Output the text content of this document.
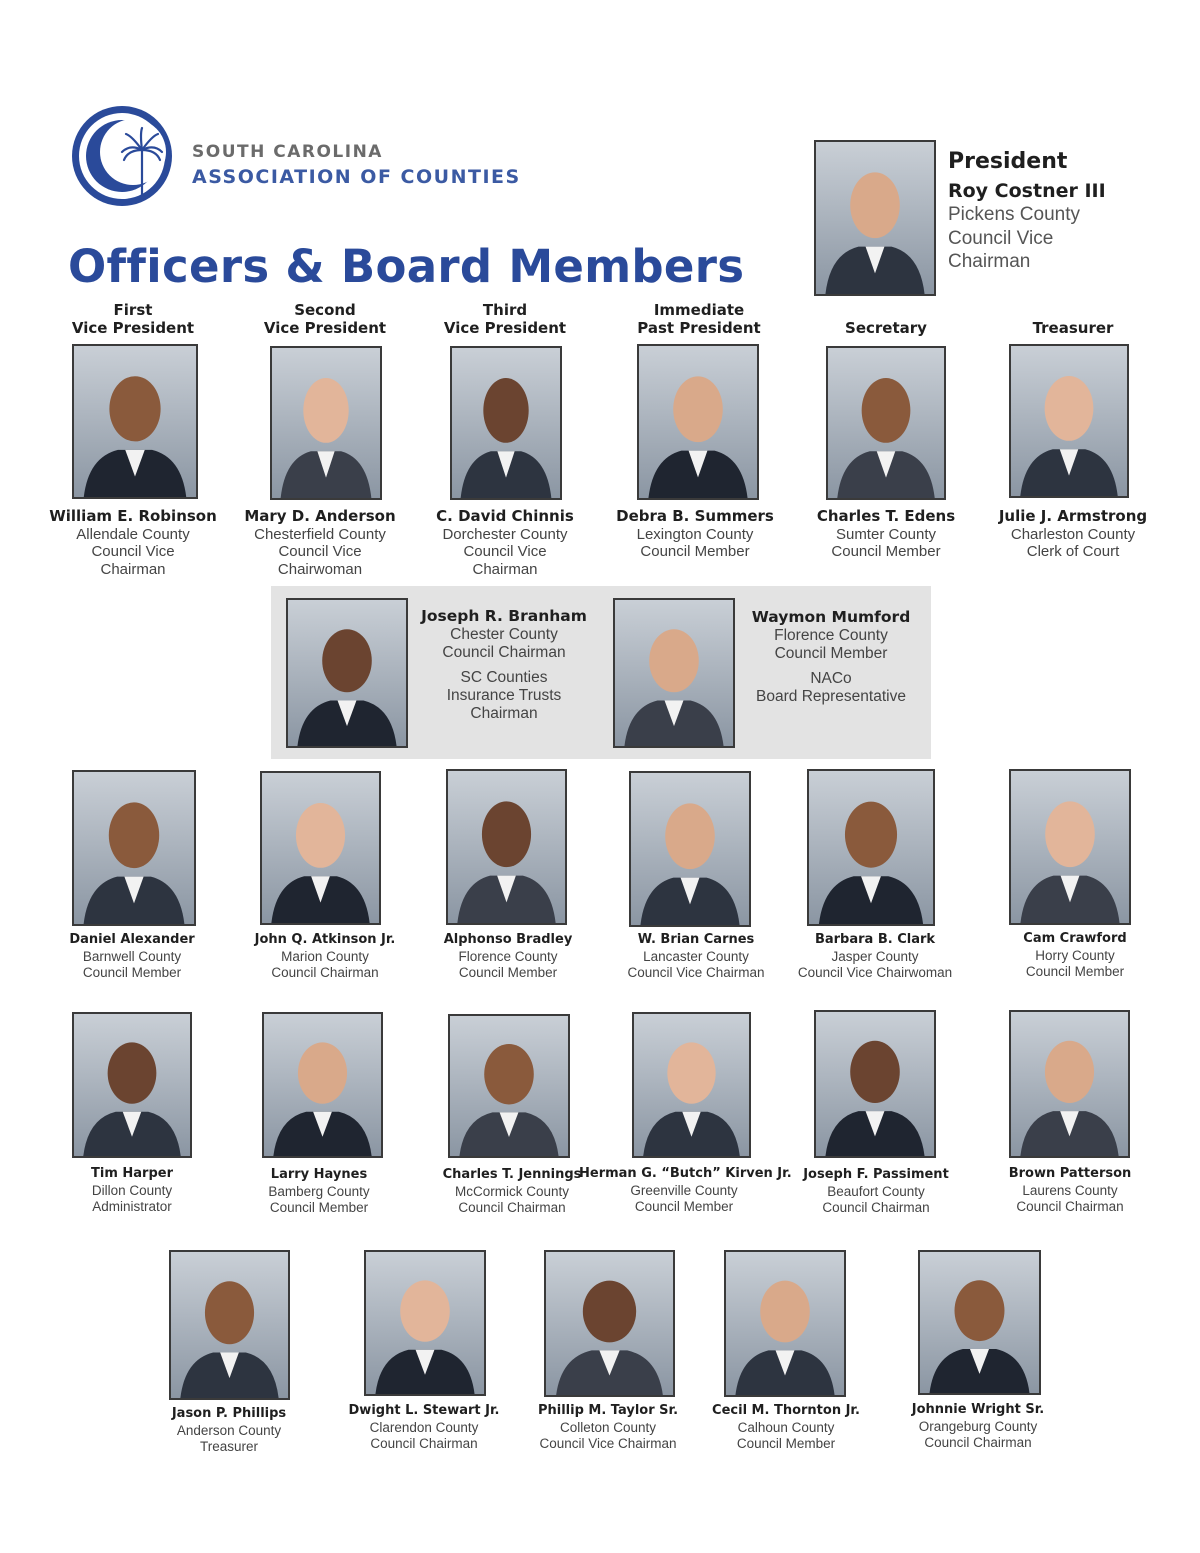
SOUTH CAROLINA
ASSOCIATION OF COUNTIES
Officers & Board Members
President
Roy Costner III
Pickens County
Council Vice
Chairman
First
Vice President
William E. Robinson
Allendale County
Council Vice
Chairman
Second
Vice President
Mary D. Anderson
Chesterfield County
Council Vice
Chairwoman
Third
Vice President
C. David Chinnis
Dorchester County
Council Vice
Chairman
Immediate
Past President
Debra B. Summers
Lexington County
Council Member

Secretary
Charles T. Edens
Sumter County
Council Member

Treasurer
Julie J. Armstrong
Charleston County
Clerk of Court
Joseph R. Branham
Chester County
Council Chairman
SC Counties
Insurance Trusts
Chairman
Waymon Mumford
Florence County
Council Member
NACo
Board Representative
Daniel Alexander
Barnwell County
Council Member
John Q. Atkinson Jr.
Marion County
Council Chairman
Alphonso Bradley
Florence County
Council Member
W. Brian Carnes
Lancaster County
Council Vice Chairman
Barbara B. Clark
Jasper County
Council Vice Chairwoman
Cam Crawford
Horry County
Council Member
Tim Harper
Dillon County
Administrator
Larry Haynes
Bamberg County
Council Member
Charles T. Jennings
McCormick County
Council Chairman
Herman G. “Butch” Kirven Jr.
Greenville County
Council Member
Joseph F. Passiment
Beaufort County
Council Chairman
Brown Patterson
Laurens County
Council Chairman
Jason P. Phillips
Anderson County
Treasurer
Dwight L. Stewart Jr.
Clarendon County
Council Chairman
Phillip M. Taylor Sr.
Colleton County
Council Vice Chairman
Cecil M. Thornton Jr.
Calhoun County
Council Member
Johnnie Wright Sr.
Orangeburg County
Council Chairman
